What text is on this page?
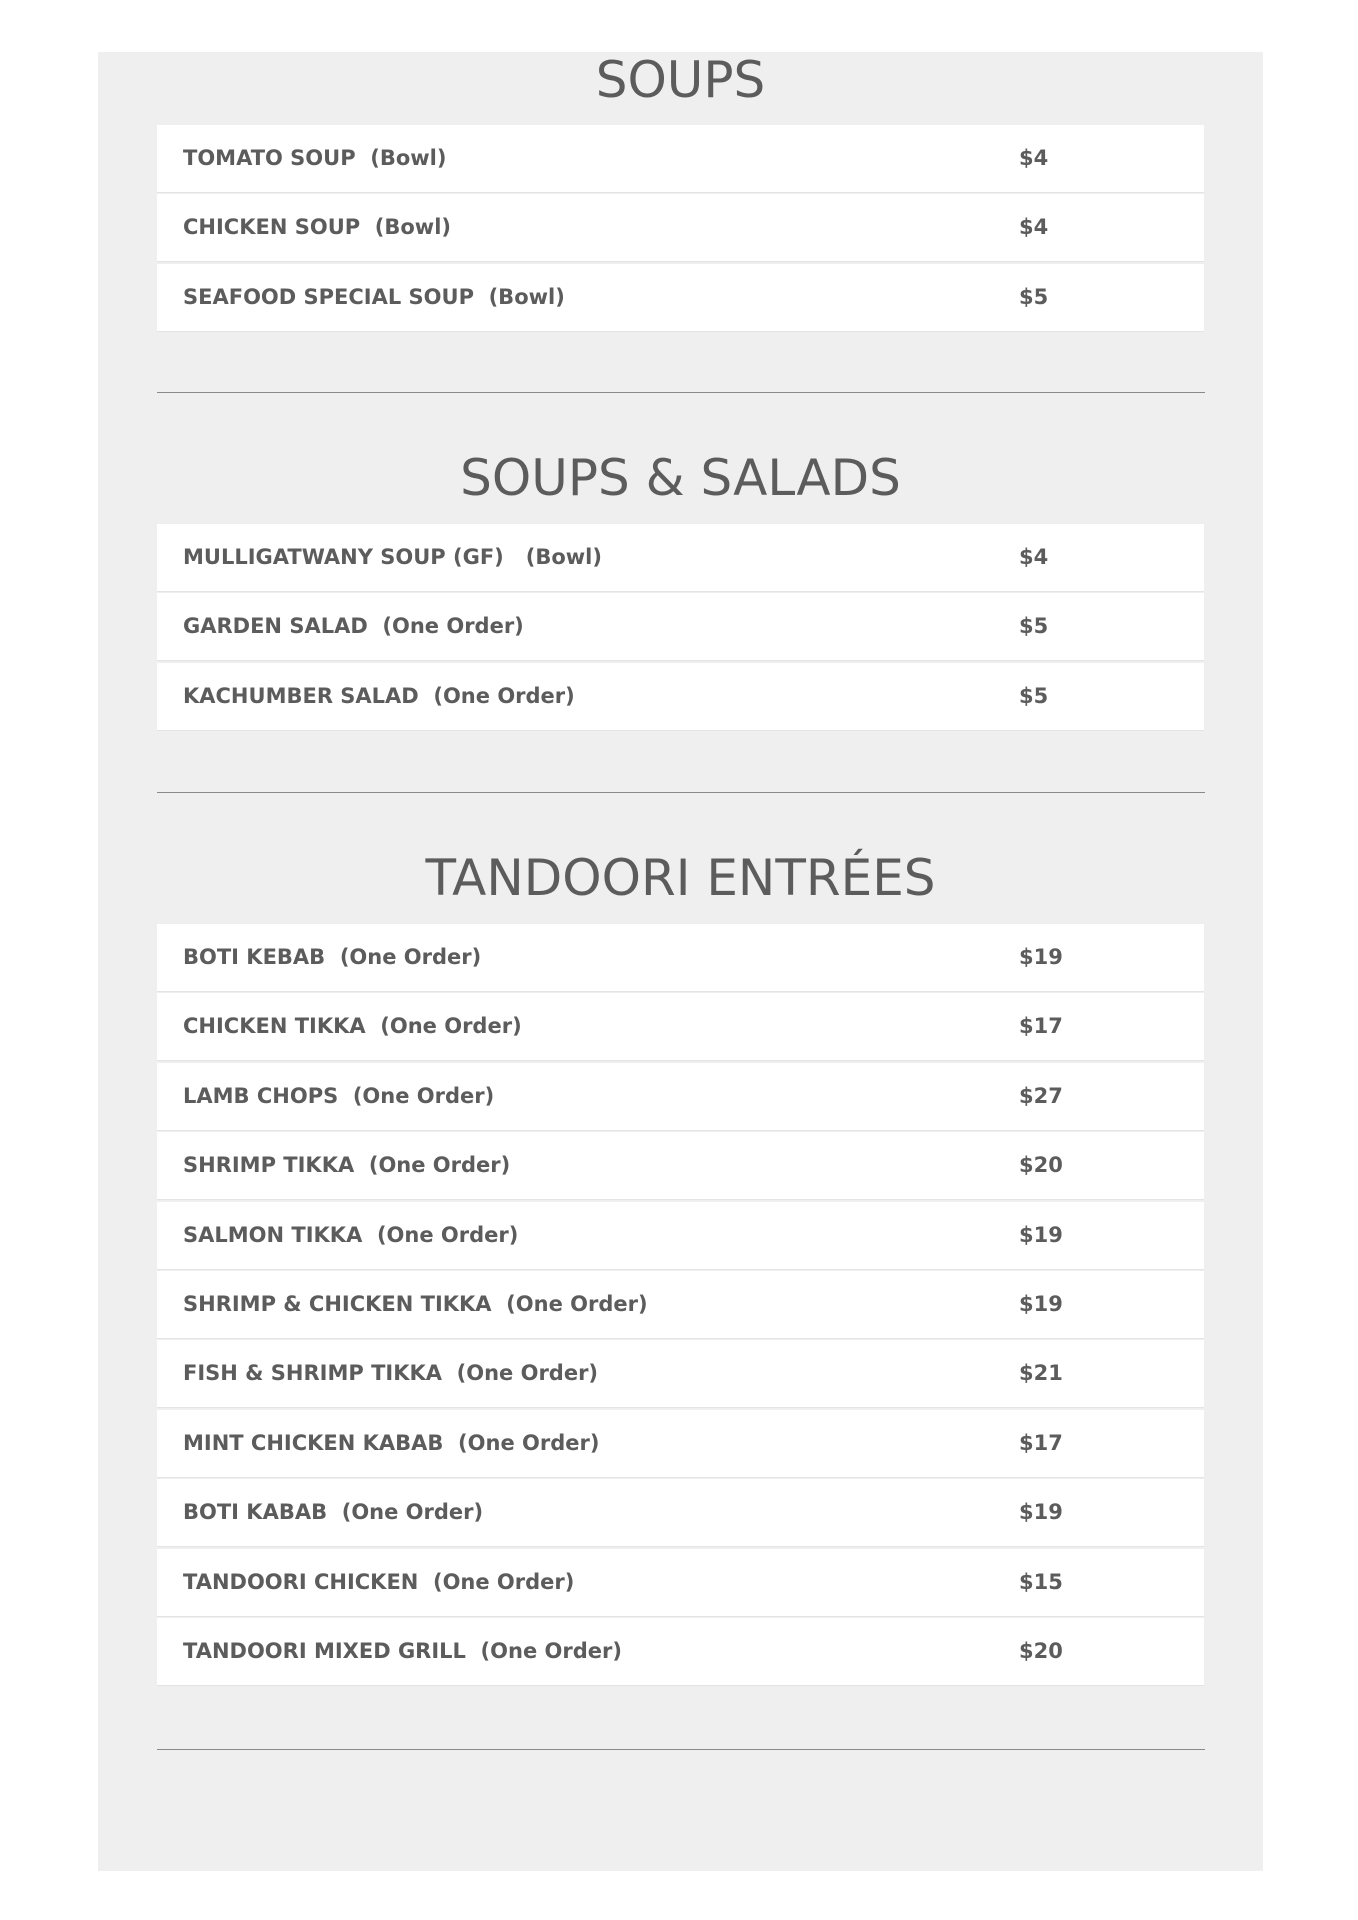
SOUPS
TOMATO SOUP  (Bowl)	$4
CHICKEN SOUP  (Bowl)	$4
SEAFOOD SPECIAL SOUP  (Bowl)	$5
SOUPS & SALADS
MULLIGATWANY SOUP (GF)   (Bowl)	$4
GARDEN SALAD  (One Order)	$5
KACHUMBER SALAD  (One Order)	$5
TANDOORI ENTRÉES
BOTI KEBAB  (One Order)	$19
CHICKEN TIKKA  (One Order)	$17
LAMB CHOPS  (One Order)	$27
SHRIMP TIKKA  (One Order)	$20
SALMON TIKKA  (One Order)	$19
SHRIMP & CHICKEN TIKKA  (One Order)	$19
FISH & SHRIMP TIKKA  (One Order)	$21
MINT CHICKEN KABAB  (One Order)	$17
BOTI KABAB  (One Order)	$19
TANDOORI CHICKEN  (One Order)	$15
TANDOORI MIXED GRILL  (One Order)	$20
